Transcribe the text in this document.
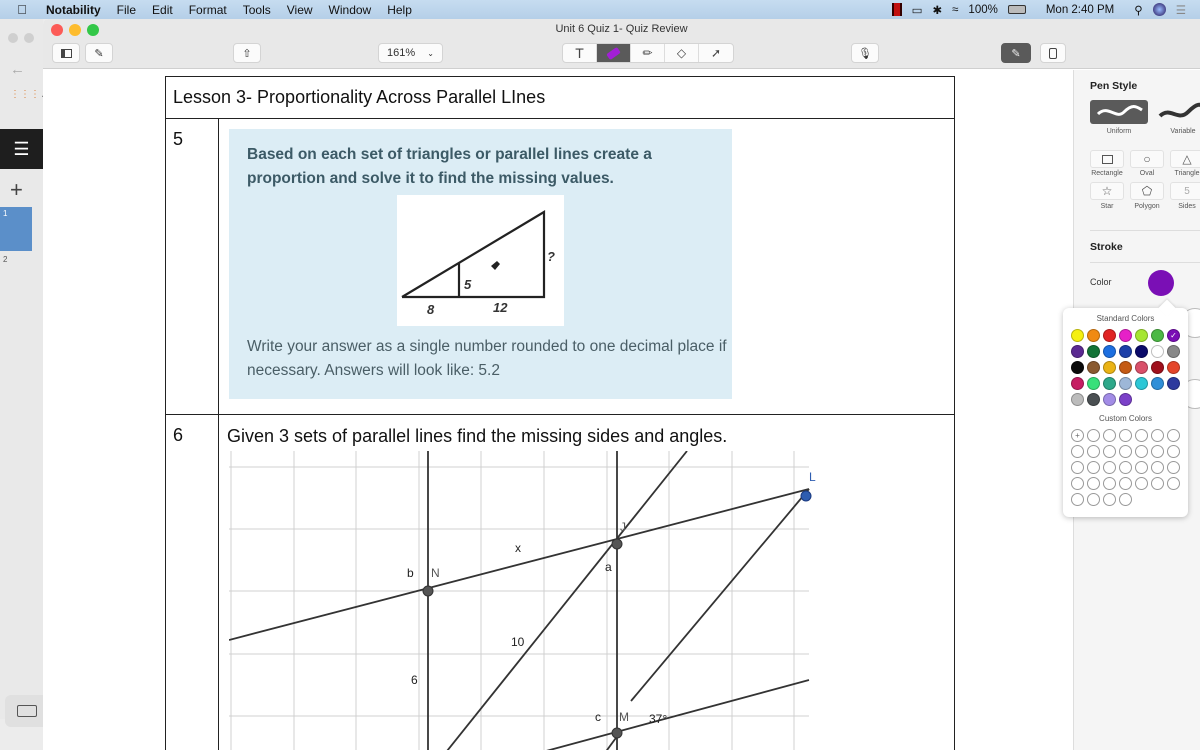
Notability	File	Edit	Format	Tools	View	Window	Help	▭ ✱ ≈ 100%	Mon 2:40 PM ⚲	☰
←
⋮⋮⋮
☰
+
1
2
Unit 6 Quiz 1- Quiz Review
✎	⇧	161% ⌄	T	✏ ◇ ➚	🎙	✎
Lesson 3- Proportionality Across Parallel LInes
5
Based on each set of triangles or parallel lines create a proportion and solve it to find the missing values.
5
?
8	12
Write your answer as a single number rounded to one decimal place if necessary. Answers will look like: 5.2
6	Given 3 sets of parallel lines find the missing sides and angles.
b N
x
a
J
L
10
6
c M 37°
Pen Style
Uniform	Variable
○	△
Rectangle	Oval	Triangle
☆ ⬠	5
Star	Polygon	Sides
Stroke
Color
Standard Colors
✓
Custom Colors
+
